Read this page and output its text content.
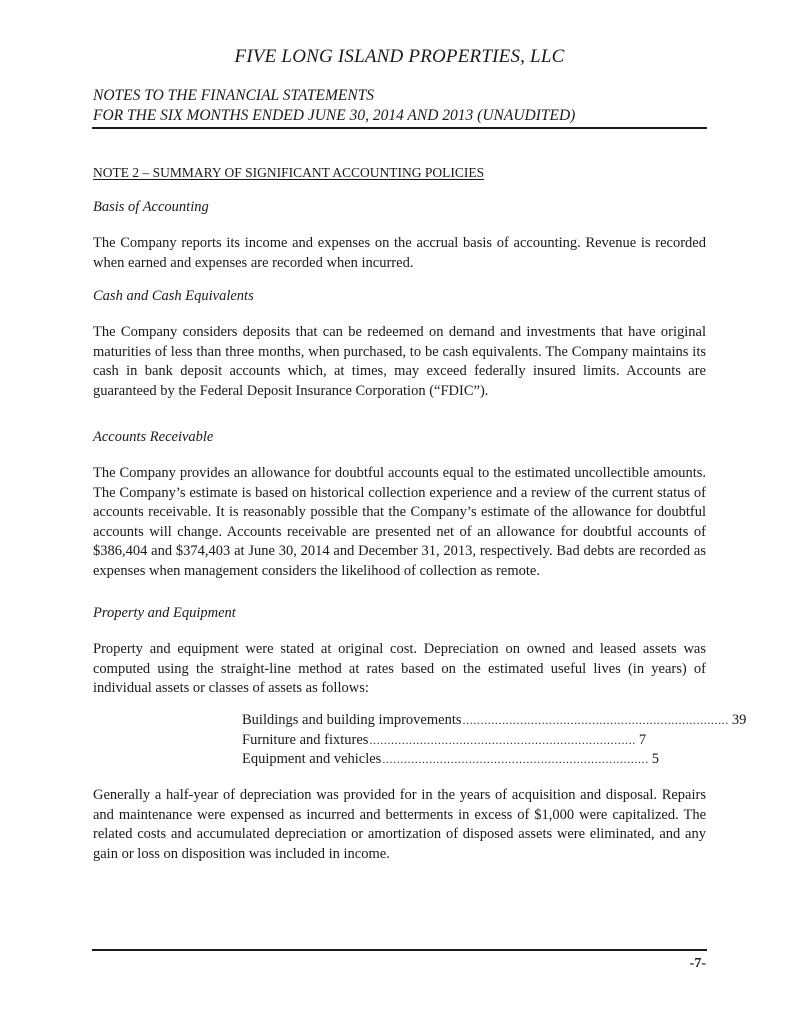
FIVE LONG ISLAND PROPERTIES, LLC
NOTES TO THE FINANCIAL STATEMENTS
FOR THE SIX MONTHS ENDED JUNE 30, 2014 AND 2013 (UNAUDITED)
NOTE 2 – SUMMARY OF SIGNIFICANT ACCOUNTING POLICIES
Basis of Accounting
The Company reports its income and expenses on the accrual basis of accounting. Revenue is recorded when earned and expenses are recorded when incurred.
Cash and Cash Equivalents
The Company considers deposits that can be redeemed on demand and investments that have original maturities of less than three months, when purchased, to be cash equivalents. The Company maintains its cash in bank deposit accounts which, at times, may exceed federally insured limits. Accounts are guaranteed by the Federal Deposit Insurance Corporation (“FDIC”).
Accounts Receivable
The Company provides an allowance for doubtful accounts equal to the estimated uncollectible amounts. The Company’s estimate is based on historical collection experience and a review of the current status of accounts receivable. It is reasonably possible that the Company’s estimate of the allowance for doubtful accounts will change. Accounts receivable are presented net of an allowance for doubtful accounts of $386,404 and $374,403 at June 30, 2014 and December 31, 2013, respectively. Bad debts are recorded as expenses when management considers the likelihood of collection as remote.
Property and Equipment
Property and equipment were stated at original cost. Depreciation on owned and leased assets was computed using the straight-line method at rates based on the estimated useful lives (in years) of individual assets or classes of assets as follows:
Buildings and building improvements .......................................................................... 39
Furniture and fixtures .......................................................................... 7
Equipment and vehicles .......................................................................... 5
Generally a half-year of depreciation was provided for in the years of acquisition and disposal. Repairs and maintenance were expensed as incurred and betterments in excess of $1,000 were capitalized. The related costs and accumulated depreciation or amortization of disposed assets were eliminated, and any gain or loss on disposition was included in income.
-7-
